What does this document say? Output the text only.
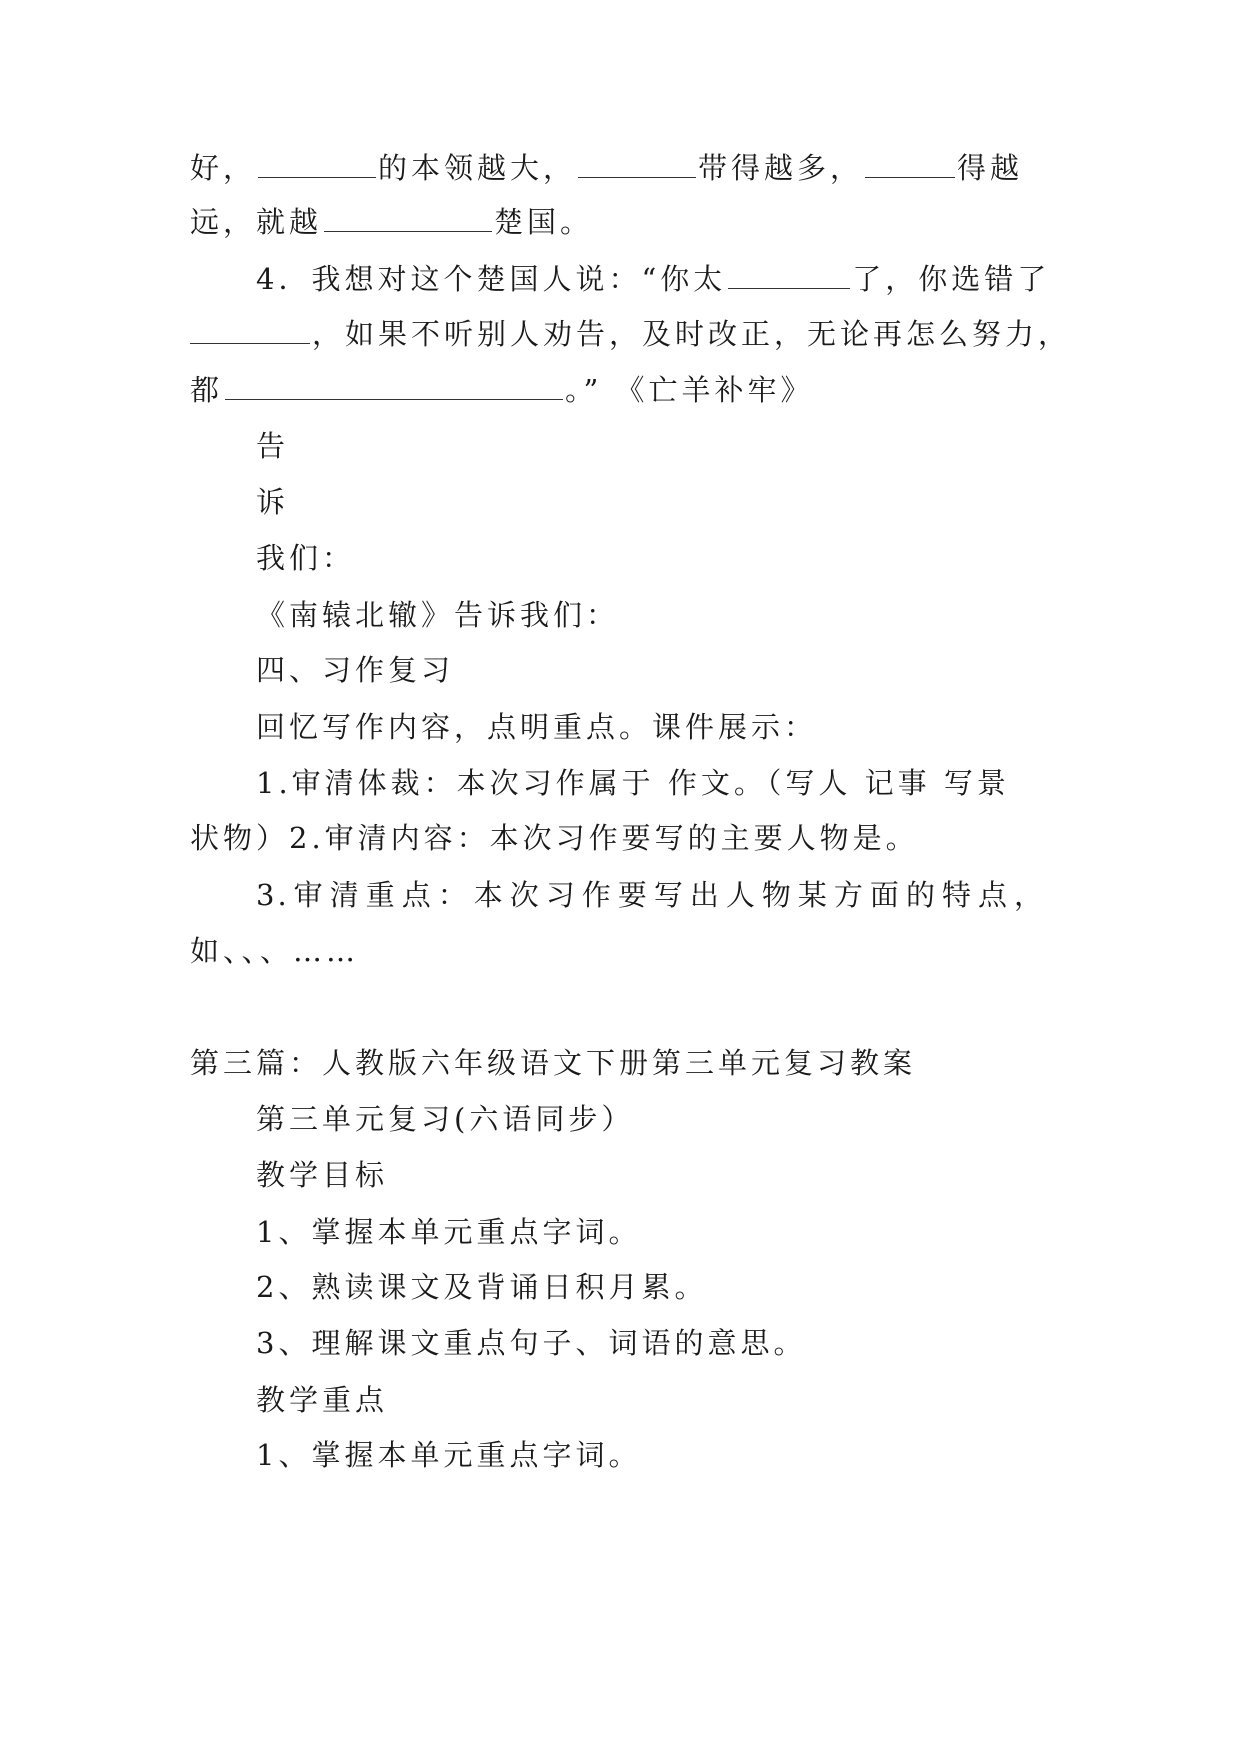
好，	的本领越大，	带得越多，	得越
远，就越	楚国。
4．我想对这个楚国人说：“你太	了，你选错了
，如果不听别人劝告，及时改正，无论再怎么努力，
都	。” 《亡羊补牢》
告
诉
我们：
《南辕北辙》告诉我们：
四、习作复习
回忆写作内容，点明重点。课件展示：
1.审清体裁：本次习作属于 作文。（写人 记事 写景
状物）2.审清内容：本次习作要写的主要人物是。
3.审清重点：本次习作要写出人物某方面的特点，
如、、、……
第三篇：人教版六年级语文下册第三单元复习教案
第三单元复习(六语同步）
教学目标
1、掌握本单元重点字词。
2、熟读课文及背诵日积月累。
3、理解课文重点句子、词语的意思。
教学重点
1、掌握本单元重点字词。
